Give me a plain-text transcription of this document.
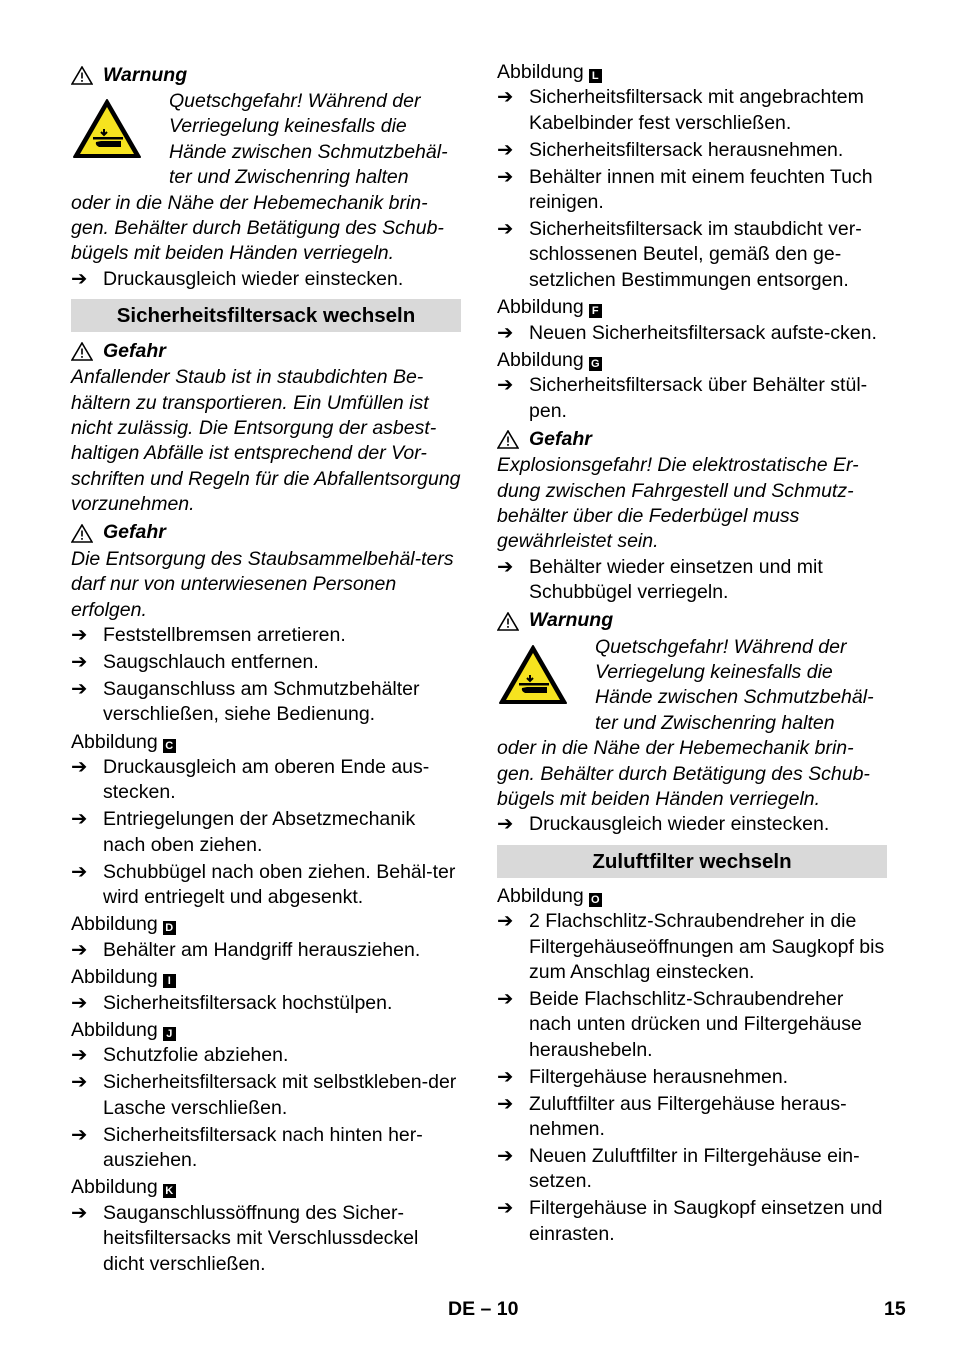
Warnung
Quetschgefahr! Während der Verriegelung keinesfalls die Hände zwischen Schmutzbehäl-ter und Zwischenring halten

oder in die Nähe der Hebemechanik brin-gen. Behälter durch Betätigung des Schub-bügels mit beiden Händen verriegeln.

➔ Druckausgleich wieder einstecken.
Sicherheitsfiltersack wechseln
Gefahr

Anfallender Staub ist in staubdichten Be-hältern zu transportieren. Ein Umfüllen ist nicht zulässig. Die Entsorgung der asbest-haltigen Abfälle ist entsprechend der Vor-schriften und Regeln für die Abfallentsorgung vorzunehmen.

Gefahr

Die Entsorgung des Staubsammelbehäl-ters darf nur von unterwiesenen Personen erfolgen.

➔ Feststellbremsen arretieren.
➔ Saugschlauch entfernen.
➔ Sauganschluss am Schmutzbehälter verschließen, siehe Bedienung.
Abbildung C
➔ Druckausgleich am oberen Ende aus-stecken.
➔ Entriegelungen der Absetzmechanik nach oben ziehen.
➔ Schubbügel nach oben ziehen. Behäl-ter wird entriegelt und abgesenkt.
Abbildung D
➔ Behälter am Handgriff herausziehen.
Abbildung I
➔ Sicherheitsfiltersack hochstülpen.
Abbildung J
➔ Schutzfolie abziehen.
➔ Sicherheitsfiltersack mit selbstkleben-der Lasche verschließen.
➔ Sicherheitsfiltersack nach hinten her-ausziehen.
Abbildung K
➔ Sauganschlussöffnung des Sicher-heitsfiltersacks mit Verschlussdeckel dicht verschließen.
Abbildung L
➔ Sicherheitsfiltersack mit angebrachtem Kabelbinder fest verschließen.
➔ Sicherheitsfiltersack herausnehmen.
➔ Behälter innen mit einem feuchten Tuch reinigen.
➔ Sicherheitsfiltersack im staubdicht ver-schlossenen Beutel, gemäß den ge-setzlichen Bestimmungen entsorgen.
Abbildung F
➔ Neuen Sicherheitsfiltersack aufste-cken.
Abbildung G
➔ Sicherheitsfiltersack über Behälter stül-pen.
Gefahr

Explosionsgefahr! Die elektrostatische Er-dung zwischen Fahrgestell und Schmutz-behälter über die Federbügel muss gewährleistet sein.

➔ Behälter wieder einsetzen und mit Schubbügel verriegeln.
Warnung
Quetschgefahr! Während der Verriegelung keinesfalls die Hände zwischen Schmutzbehäl-ter und Zwischenring halten

oder in die Nähe der Hebemechanik brin-gen. Behälter durch Betätigung des Schub-bügels mit beiden Händen verriegeln.

➔ Druckausgleich wieder einstecken.
Zuluftfilter wechseln
Abbildung O
➔ 2 Flachschlitz-Schraubendreher in die Filtergehäuseöffnungen am Saugkopf bis zum Anschlag einstecken.
➔ Beide Flachschlitz-Schraubendreher nach unten drücken und Filtergehäuse heraushebeln.
➔ Filtergehäuse herausnehmen.
➔ Zuluftfilter aus Filtergehäuse heraus-nehmen.
➔ Neuen Zuluftfilter in Filtergehäuse ein-setzen.
➔ Filtergehäuse in Saugkopf einsetzen und einrasten.
DE – 10	15
